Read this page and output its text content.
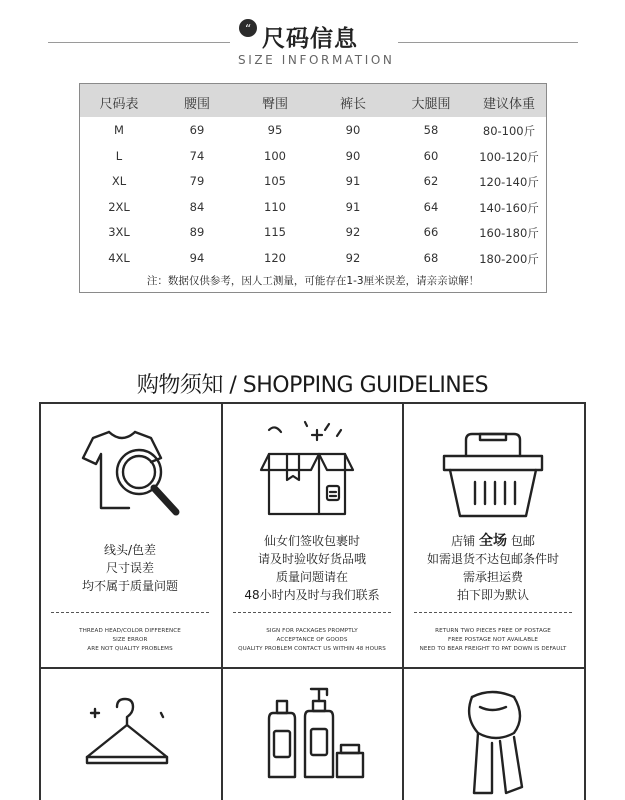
“ 尺码信息
SIZE INFORMATION
尺码表	腰围	臀围	裤长	大腿围	建议体重
M	69	95	90	58	80-100斤
L	74	100	90	60	100-120斤
XL	79	105	91	62	120-140斤
2XL	84	110	91	64	140-160斤
3XL	89	115	92	66	160-180斤
4XL	94	120	92	68	180-200斤
注：数据仅供参考，因人工测量，可能存在1-3厘米误差，请亲亲谅解！
购物须知 / SHOPPING GUIDELINES
线头/色差
尺寸误差
均不属于质量问题
THREAD HEAD/COLOR DIFFERENCE
SIZE ERROR
ARE NOT QUALITY PROBLEMS
仙女们签收包裹时
请及时验收好货品哦
质量问题请在
48小时内及时与我们联系
SIGN FOR PACKAGES PROMPTLY
ACCEPTANCE OF GOODS
QUALITY PROBLEM CONTACT US WITHIN 48 HOURS
店铺 全场 包邮
如需退货不达包邮条件时
需承担运费
拍下即为默认
RETURN TWO PIECES FREE OF POSTAGE
FREE POSTAGE NOT AVAILABLE
NEED TO BEAR FREIGHT TO PAT DOWN IS DEFAULT
